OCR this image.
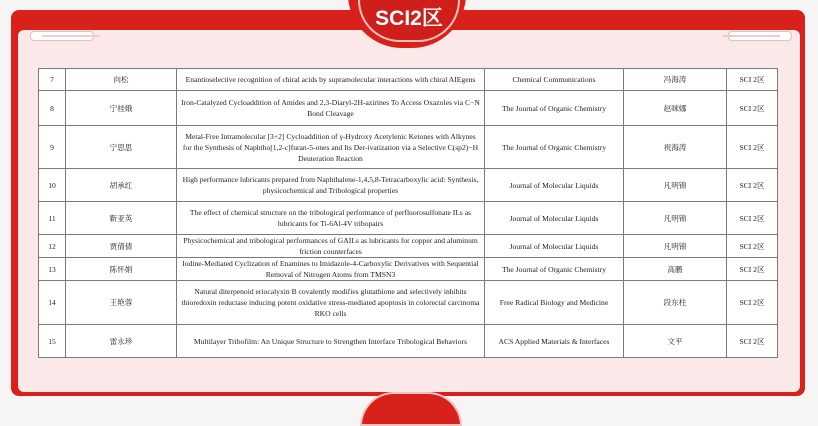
SCI2区
7	向松	Enantioselective recognition of chiral acids by supramolecular interactions with chiral AIEgens	Chemical Communications	冯海涛	SCI 2区
8	宁桂娥	Iron-Catalyzed Cycloaddition of Amides and 2,3-Diaryl-2H-azirines To Access Oxazoles via C−N Bond Cleavage	The Journal of Organic Chemistry	赵咪娜	SCI 2区
9	宁思思	Metal-Free Intramolecular [3+2] Cycloaddition of γ-Hydroxy Acetylenic Ketones with Alkynes for the Synthesis of Naphtho[1,2-c]furan-5-ones and Its Der-ivatization via a Selective C(sp2)−H Deuteration Reaction	The Journal of Organic Chemistry	祝海涛	SCI 2区
10	胡承红	High performance lubricants prepared from Naphthalene-1,4,5,8-Tetracarboxylic acid: Synthesis, physicochemical and Tribological properties	Journal of Molecular Liquids	凡明锦	SCI 2区
11	靳亚英	The effect of chemical structure on the tribological performance of perfluorosulfonate ILs as lubricants for Ti-6Al-4V tribopairs	Journal of Molecular Liquids	凡明锦	SCI 2区
12	贾倩倩	Physicochemical and tribological performances of GAILs as lubricants for copper and aluminum friction counterfaces	Journal of Molecular Liquids	凡明锦	SCI 2区
13	陈怀娟	Iodine-Mediated Cyclization of Enamines to Imidazole-4-Carboxylic Derivatives with Sequential Removal of Nitrogen Atoms from TMSN3	The Journal of Organic Chemistry	高鹏	SCI 2区
14	王艳蓉	Natural diterpenoid eriocalyxin B covalently modifies glutathione and selectively inhibits thioredoxin reductase inducing potent oxidative stress-mediated apoptosis in colorectal carcinoma RKO cells	Free Radical Biology and Medicine	段东柱	SCI 2区
15	雷永珍	Multilayer Tribofilm: An Unique Structure to Strengthen Interface Tribological Behaviors	ACS Applied Materials & Interfaces	文平	SCI 2区
